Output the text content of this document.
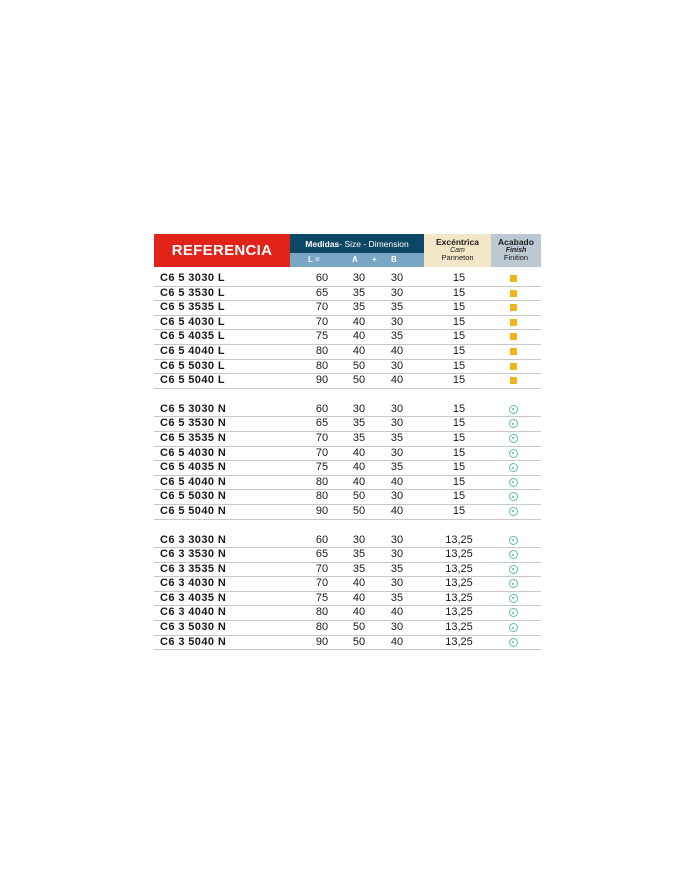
REFERENCIA	Medidas - Size - Dimension
L =	A + B
Excéntrica
Cam
Panneton
Acabado
Finish
Finition
C6 5 3030 L	60	30	30	15
C6 5 3530 L	65	35	30	15
C6 5 3535 L	70	35	35	15
C6 5 4030 L	70	40	30	15
C6 5 4035 L	75	40	35	15
C6 5 4040 L	80	40	40	15
C6 5 5030 L	80	50	30	15
C6 5 5040 L	90	50	40	15
C6 5 3030 N	60	30	30	15
C6 5 3530 N	65	35	30	15
C6 5 3535 N	70	35	35	15
C6 5 4030 N	70	40	30	15
C6 5 4035 N	75	40	35	15
C6 5 4040 N	80	40	40	15
C6 5 5030 N	80	50	30	15
C6 5 5040 N	90	50	40	15
C6 3 3030 N	60	30	30	13,25
C6 3 3530 N	65	35	30	13,25
C6 3 3535 N	70	35	35	13,25
C6 3 4030 N	70	40	30	13,25
C6 3 4035 N	75	40	35	13,25
C6 3 4040 N	80	40	40	13,25
C6 3 5030 N	80	50	30	13,25
C6 3 5040 N	90	50	40	13,25
